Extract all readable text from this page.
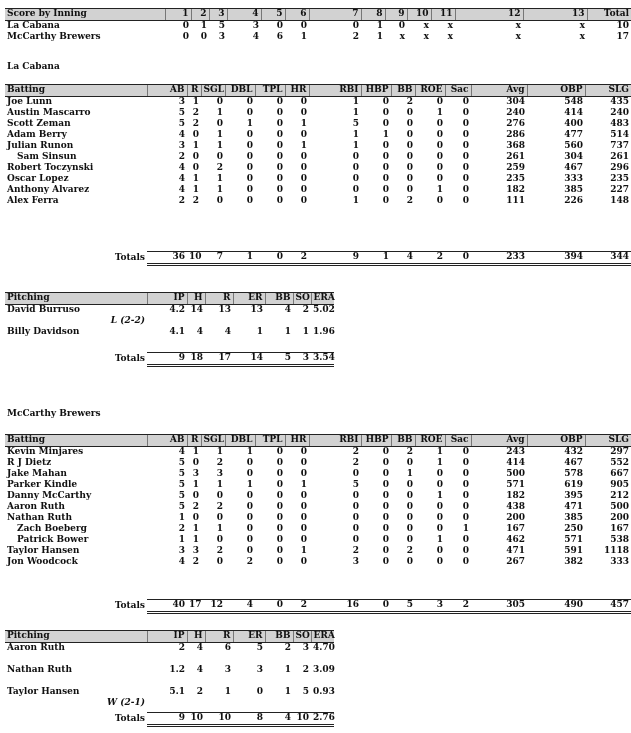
Score by Inning	1	2	3	4	5	6	7	8	9	10	11	12	13	Total
La Cabana	0	1	5	3	0	0	0	1	0	x	x	x	x	10
McCarthy Brewers	0	0	3	4	6	1	2	1	x	x	x	x	x	17
La Cabana
Batting	AB	R	SGL	DBL	TPL	HR	RBI	HBP	BB	ROE	Sac	Avg	OBP	SLG
Joe Lunn	3	1	0	0	0	0	1	0	2	0	0	304	548	435
Austin Mascarro	5	2	1	0	0	0	1	0	0	1	0	240	414	240
Scott Zeman	5	2	0	1	0	1	5	0	0	0	0	276	400	483
Adam Berry	4	0	1	0	0	0	1	1	0	0	0	286	477	514
Julian Runon	3	1	1	0	0	1	1	0	0	0	0	368	560	737
Sam Sinsun	2	0	0	0	0	0	0	0	0	0	0	261	304	261
Robert Toczynski	4	0	2	0	0	0	0	0	0	0	0	259	467	296
Oscar Lopez	4	1	1	0	0	0	0	0	0	0	0	235	333	235
Anthony Alvarez	4	1	1	0	0	0	0	0	0	1	0	182	385	227
Alex Ferra	2	2	0	0	0	0	1	0	2	0	0	111	226	148
Totals	36	10	7	1	0	2	9	1	4	2	0	233	394	344
Pitching	IP	H	R	ER	BB	SO	ERA
David Burruso	4.2	14	13	13	4	2	5.02
L (2-2)							
Billy Davidson	4.1	4	4	1	1	1	1.96

Totals	9	18	17	14	5	3	3.54
McCarthy Brewers
Batting	AB	R	SGL	DBL	TPL	HR	RBI	HBP	BB	ROE	Sac	Avg	OBP	SLG
Kevin Minjares	4	1	1	1	0	0	2	0	2	1	0	243	432	297
R J Dietz	5	0	2	0	0	0	2	0	0	1	0	414	467	552
Jake Mahan	5	3	3	0	0	0	0	0	1	0	0	500	578	667
Parker Kindle	5	1	1	1	0	1	5	0	0	0	0	571	619	905
Danny McCarthy	5	0	0	0	0	0	0	0	0	1	0	182	395	212
Aaron Ruth	5	2	2	0	0	0	0	0	0	0	0	438	471	500
Nathan Ruth	1	0	0	0	0	0	0	0	0	0	0	200	385	200
Zach Boeberg	2	1	1	0	0	0	0	0	0	0	1	167	250	167
Patrick Bower	1	1	0	0	0	0	0	0	0	1	0	462	571	538
Taylor Hansen	3	3	2	0	0	1	2	0	2	0	0	471	591	1118
Jon Woodcock	4	2	0	2	0	0	3	0	0	0	0	267	382	333
Totals	40	17	12	4	0	2	16	0	5	3	2	305	490	457
Pitching	IP	H	R	ER	BB	SO	ERA
Aaron Ruth	2	4	6	5	2	3	4.70

Nathan Ruth	1.2	4	3	3	1	2	3.09

Taylor Hansen	5.1	2	1	0	1	5	0.93
W (2-1)							
Totals	9	10	10	8	4	10	2.76
